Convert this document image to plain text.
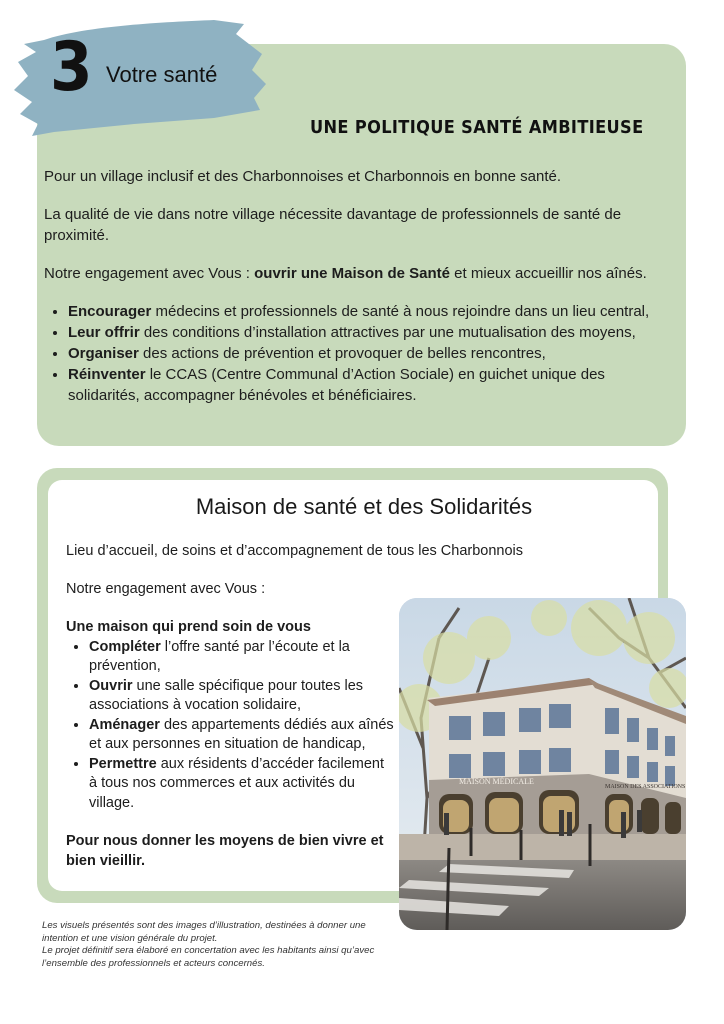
3 Votre santé
UNE POLITIQUE SANTÉ AMBITIEUSE

Pour un village inclusif et des Charbonnoises et Charbonnois en bonne santé.

La qualité de vie dans notre village nécessite davantage de professionnels de santé de proximité.

Notre engagement avec Vous : ouvrir une Maison de Santé et mieux accueillir nos aînés.

• Encourager médecins et professionnels de santé à nous rejoindre dans un lieu central,
• Leur offrir des conditions d’installation attractives par une mutualisation des moyens,
• Organiser des actions de prévention et provoquer de belles rencontres,
• Réinventer le CCAS (Centre Communal d’Action Sociale) en guichet unique des solidarités, accompagner bénévoles et bénéficiaires.
Maison de santé et des Solidarités

Lieu d’accueil, de soins et d’accompagnement de tous les Charbonnois

Notre engagement avec Vous :

Une maison qui prend soin de vous

• Compléter l’offre santé par l’écoute et la prévention,
• Ouvrir une salle spécifique pour toutes les associations à vocation solidaire,
• Aménager des appartements dédiés aux aînés et aux personnes en situation de handicap,
• Permettre aux résidents d’accéder facilement à tous nos commerces et aux activités du village.

Pour nous donner les moyens de bien vivre et bien vieillir.

MAISON MÉDICALE
MAISON DES ASSOCIATIONS

Les visuels présentés sont des images d’illustration, destinées à donner une intention et une vision générale du projet.

Le projet définitif sera élaboré en concertation avec les habitants ainsi qu’avec l’ensemble des professionnels et acteurs concernés.
